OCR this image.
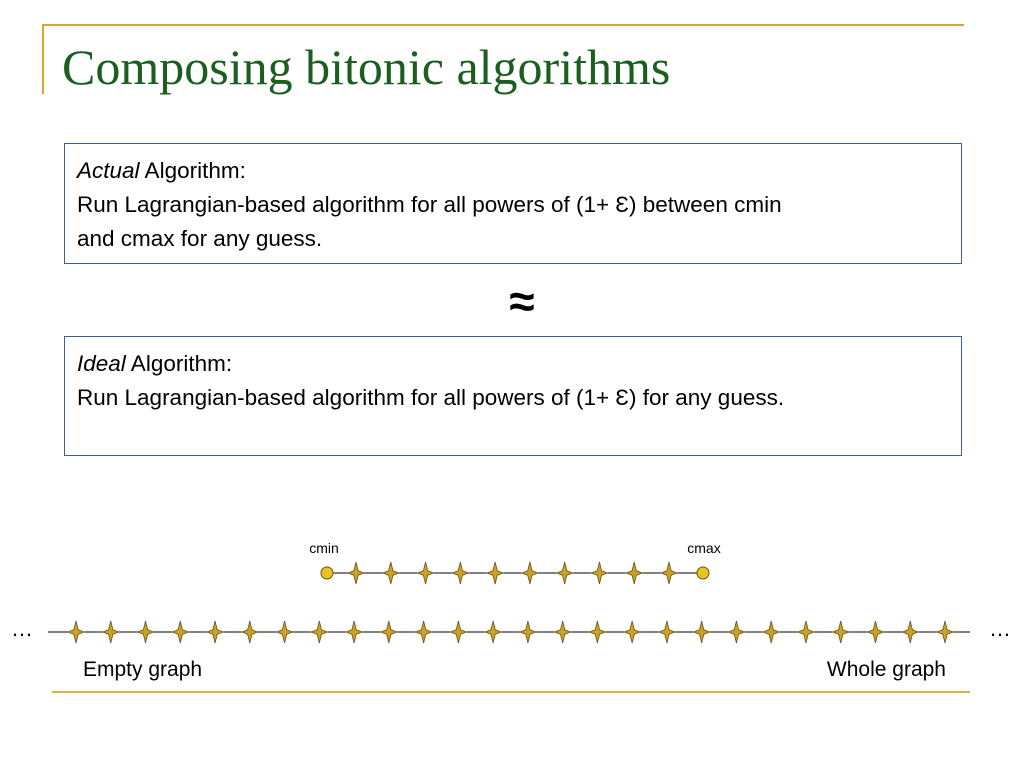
Composing bitonic algorithms
Actual Algorithm:
Run Lagrangian-based algorithm for all powers of (1+ Ɛ) between cmin
and cmax for any guess.
≈
Ideal Algorithm:
Run Lagrangian-based algorithm for all powers of (1+ Ɛ) for any guess.
cmin	cmax
…	…
Empty graph	Whole graph
